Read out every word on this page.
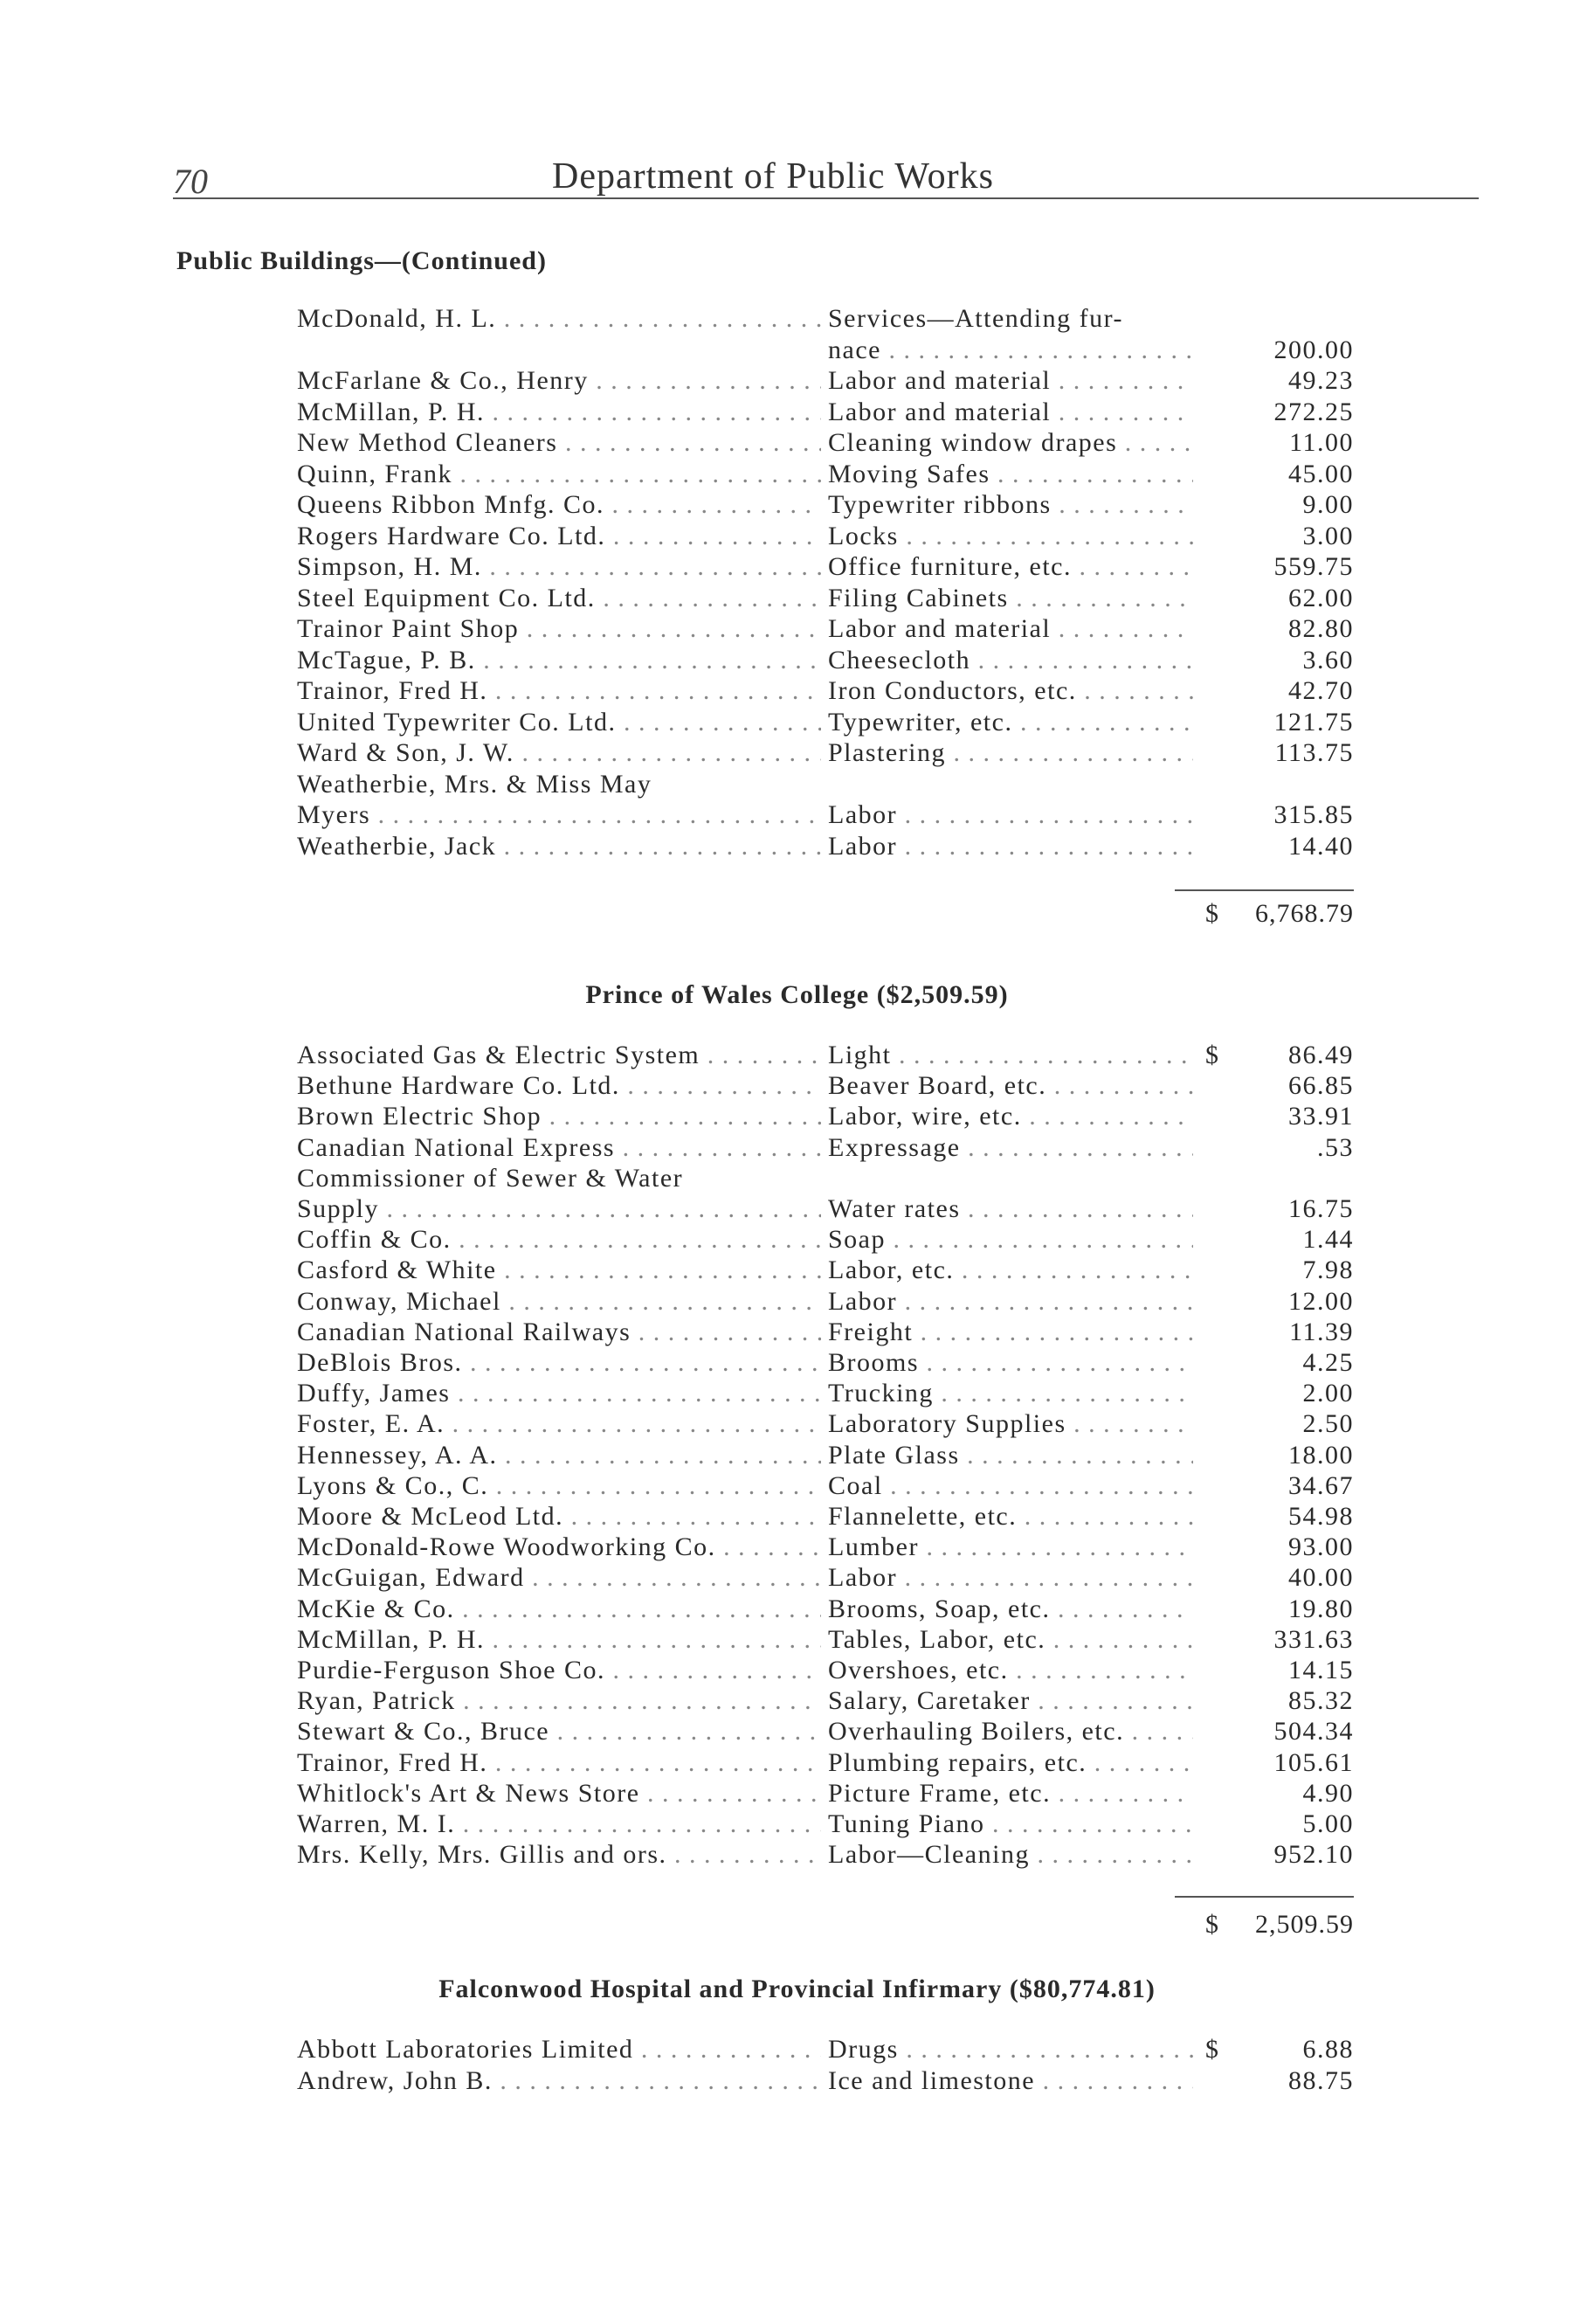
70	Department of Public Works
Public Buildings—(Continued)
McDonald, H. L. . . .	Services—Attending fur-
nace . . .	200.00
McFarlane & Co., Henry . . .	Labor and material . . .	49.23
McMillan, P. H. . . .	Labor and material . . .	272.25
New Method Cleaners . . .	Cleaning window drapes . . .	11.00
Quinn, Frank . . .	Moving Safes . . .	45.00
Queens Ribbon Mnfg. Co. . . .	Typewriter ribbons . . .	9.00
Rogers Hardware Co. Ltd. . . .	Locks . . .	3.00
Simpson, H. M. . . .	Office furniture, etc. . . .	559.75
Steel Equipment Co. Ltd. . . .	Filing Cabinets . . .	62.00
Trainor Paint Shop . . .	Labor and material . . .	82.80
McTague, P. B. . . .	Cheesecloth . . .	3.60
Trainor, Fred H. . . .	Iron Conductors, etc. . . .	42.70
United Typewriter Co. Ltd. . . .	Typewriter, etc. . . .	121.75
Ward & Son, J. W. . . .	Plastering . . .	113.75
Weatherbie, Mrs. & Miss May
Myers . . .	Labor . . .	315.85
Weatherbie, Jack . . .	Labor . . .	14.40
$	6,768.79
Prince of Wales College ($2,509.59)
Associated Gas & Electric System . . .	Light . . .	$	86.49
Bethune Hardware Co. Ltd. . . .	Beaver Board, etc. . . .	66.85
Brown Electric Shop . . .	Labor, wire, etc. . . .	33.91
Canadian National Express . . .	Expressage . . .	.53
Commissioner of Sewer & Water
Supply . . .	Water rates . . .	16.75
Coffin & Co. . . .	Soap . . .	1.44
Casford & White . . .	Labor, etc. . . .	7.98
Conway, Michael . . .	Labor . . .	12.00
Canadian National Railways . . .	Freight . . .	11.39
DeBlois Bros. . . .	Brooms . . .	4.25
Duffy, James . . .	Trucking . . .	2.00
Foster, E. A. . . .	Laboratory Supplies . . .	2.50
Hennessey, A. A. . . .	Plate Glass . . .	18.00
Lyons & Co., C. . . .	Coal . . .	34.67
Moore & McLeod Ltd. . . .	Flannelette, etc. . . .	54.98
McDonald-Rowe Woodworking Co. . . .	Lumber . . .	93.00
McGuigan, Edward . . .	Labor . . .	40.00
McKie & Co. . . .	Brooms, Soap, etc. . . .	19.80
McMillan, P. H. . . .	Tables, Labor, etc. . . .	331.63
Purdie-Ferguson Shoe Co. . . .	Overshoes, etc. . . .	14.15
Ryan, Patrick . . .	Salary, Caretaker . . .	85.32
Stewart & Co., Bruce . . .	Overhauling Boilers, etc. . . .	504.34
Trainor, Fred H. . . .	Plumbing repairs, etc. . . .	105.61
Whitlock's Art & News Store . . .	Picture Frame, etc. . . .	4.90
Warren, M. I. . . .	Tuning Piano . . .	5.00
Mrs. Kelly, Mrs. Gillis and ors. . . .	Labor—Cleaning . . .	952.10
$	2,509.59
Falconwood Hospital and Provincial Infirmary ($80,774.81)
Abbott Laboratories Limited . . .	Drugs . . .	$	6.88
Andrew, John B. . . .	Ice and limestone . . .	88.75
